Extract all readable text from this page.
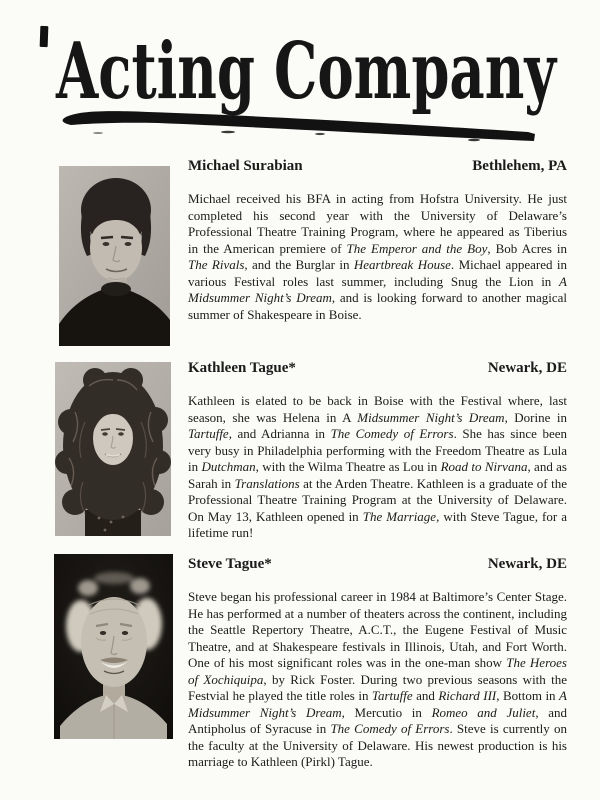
Acting Company
Michael Surabian	Bethlehem, PA

Michael received his BFA in acting from Hofstra University. He just completed his second year with the University of Delaware’s Professional Theatre Training Program, where he appeared as Tiberius in the American premiere of The Emperor and the Boy, Bob Acres in The Rivals, and the Burglar in Heartbreak House. Michael appeared in various Festival roles last summer, including Snug the Lion in A Midsummer Night’s Dream, and is looking forward to another magical summer of Shakespeare in Boise.

Kathleen Tague*	Newark, DE

Kathleen is elated to be back in Boise with the Festival where, last season, she was Helena in A Midsummer Night’s Dream, Dorine in Tartuffe, and Adrianna in The Comedy of Errors. She has since been very busy in Philadelphia performing with the Freedom Theatre as Lula in Dutchman, with the Wilma Theatre as Lou in Road to Nirvana, and as Sarah in Translations at the Arden Theatre. Kathleen is a graduate of the Professional Theatre Training Program at the University of Delaware. On May 13, Kathleen opened in The Marriage, with Steve Tague, for a lifetime run!

Steve Tague*	Newark, DE

Steve began his professional career in 1984 at Baltimore’s Center Stage. He has performed at a number of theaters across the continent, including the Seattle Repertory Theatre, A.C.T., the Eugene Festival of Music Theatre, and at Shakespeare festivals in Illinois, Utah, and Fort Worth. One of his most significant roles was in the one-man show The Heroes of Xochiquipa, by Rick Foster. During two previous seasons with the Festvial he played the title roles in Tartuffe and Richard III, Bottom in A Midsummer Night’s Dream, Mercutio in Romeo and Juliet, and Antipholus of Syracuse in The Comedy of Errors. Steve is currently on the faculty at the University of Delaware. His newest production is his marriage to Kathleen (Pirkl) Tague.
